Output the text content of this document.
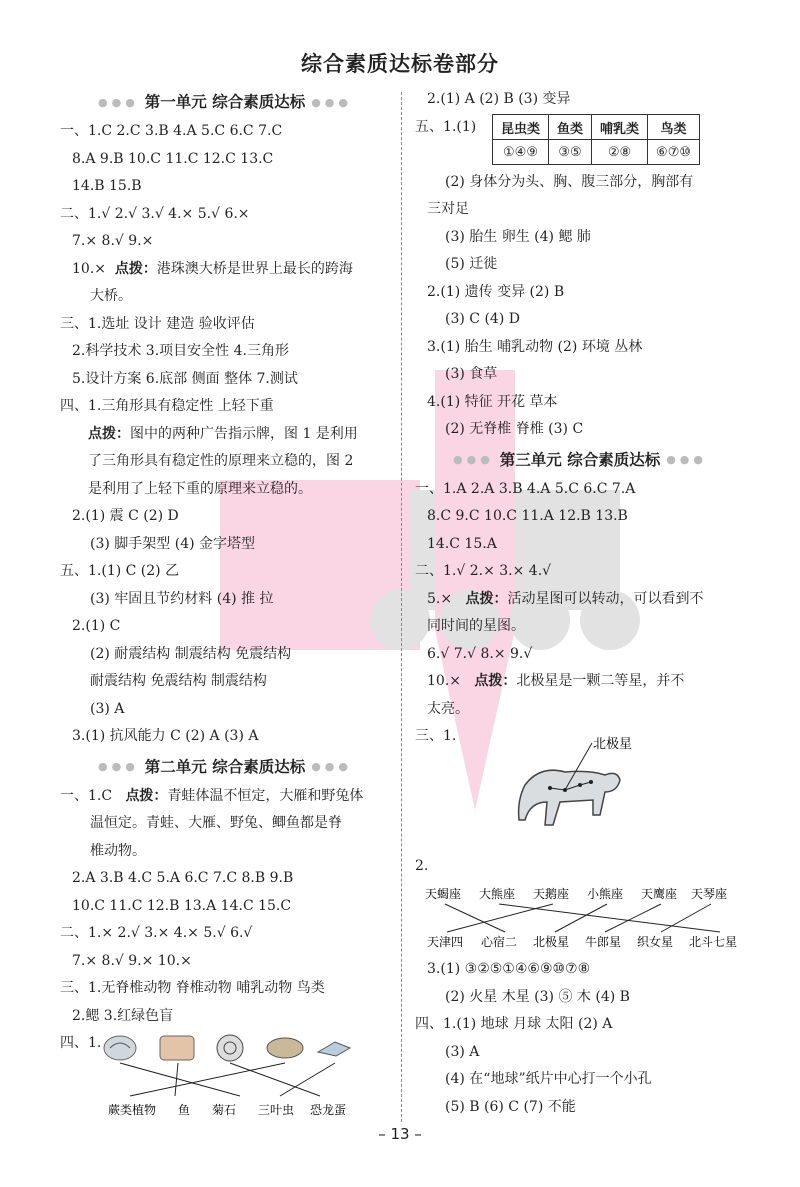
综合素质达标卷部分
●●● 第一单元 综合素质达标 ●●●
一、1.C 2.C 3.B 4.A 5.C 6.C 7.C
8.A 9.B 10.C 11.C 12.C 13.C
14.B 15.B
二、1.√ 2.√ 3.√ 4.× 5.√ 6.×
7.× 8.√ 9.×
10.× 点拨：港珠澳大桥是世界上最长的跨海
大桥。
三、1.选址 设计 建造 验收评估
2.科学技术 3.项目安全性 4.三角形
5.设计方案 6.底部 侧面 整体 7.测试
四、1.三角形具有稳定性 上轻下重
点拨：图中的两种广告指示牌，图 1 是利用
了三角形具有稳定性的原理来立稳的，图 2
是利用了上轻下重的原理来立稳的。
2.(1) 震 C (2) D
(3) 脚手架型 (4) 金字塔型
五、1.(1) C (2) 乙
(3) 牢固且节约材料 (4) 推 拉
2.(1) C
(2) 耐震结构 制震结构 免震结构
耐震结构 免震结构 制震结构
(3) A
3.(1) 抗风能力 C (2) A (3) A
●●● 第二单元 综合素质达标 ●●●
一、1.C 点拨：青蛙体温不恒定，大雁和野兔体
温恒定。青蛙、大雁、野兔、鲫鱼都是脊
椎动物。
2.A 3.B 4.C 5.A 6.C 7.C 8.B 9.B
10.C 11.C 12.B 13.A 14.C 15.C
二、1.× 2.√ 3.× 4.× 5.√ 6.√
7.× 8.√ 9.× 10.×
三、1.无脊椎动物 脊椎动物 哺乳动物 鸟类
2.鳃 3.红绿色盲
四、1.
蕨类植物 鱼 菊石 三叶虫 恐龙蛋
2.(1) A (2) B (3) 变异
五、1.(1)	昆虫类	鱼类	哺乳类	鸟类
①④⑨	③⑤	②⑧	⑥⑦⑩
(2) 身体分为头、胸、腹三部分，胸部有
三对足
(3) 胎生 卵生 (4) 鳃 肺
(5) 迁徙
2.(1) 遗传 变异 (2) B
(3) C (4) D
3.(1) 胎生 哺乳动物 (2) 环境 丛林
(3) 食草
4.(1) 特征 开花 草本
(2) 无脊椎 脊椎 (3) C
●●● 第三单元 综合素质达标 ●●●
一、1.A 2.A 3.B 4.A 5.C 6.C 7.A
8.C 9.C 10.C 11.A 12.B 13.B
14.C 15.A
二、1.√ 2.× 3.× 4.√
5.× 点拨：活动星图可以转动，可以看到不
同时间的星图。
6.√ 7.√ 8.× 9.√
10.× 点拨：北极星是一颗二等星，并不
太亮。
三、1.
2.
北极星
天蝎座 大熊座 天鹅座 小熊座 天鹰座 天琴座
天津四 心宿二 北极星 牛郎星 织女星 北斗七星
3.(1) ③②⑤①④⑥⑨⑩⑦⑧
(2) 火星 木星 (3) ⑤ 木 (4) B
四、1.(1) 地球 月球 太阳 (2) A
(3) A
(4) 在“地球”纸片中心打一个小孔
(5) B (6) C (7) 不能
– 13 –
